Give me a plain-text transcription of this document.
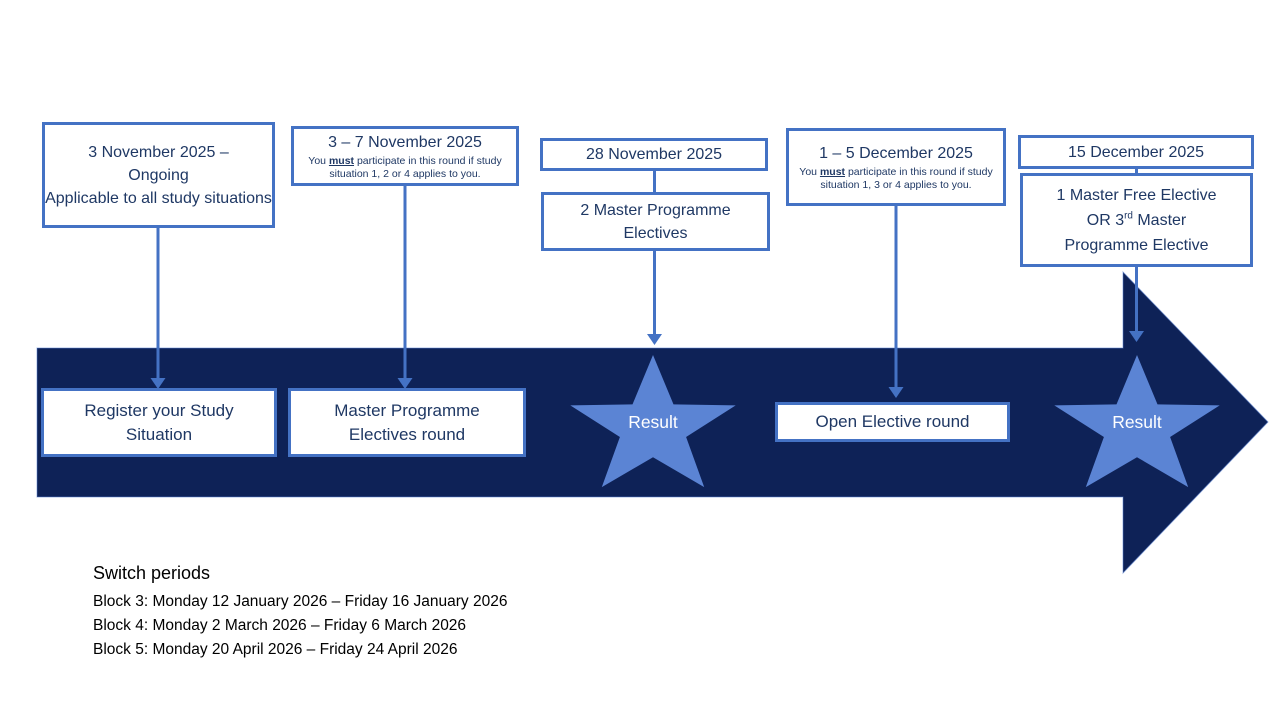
3 November 2025 –
Ongoing
Applicable to all study situations
3 – 7 November 2025
You must participate in this round if study situation 1, 2 or 4 applies to you.
28 November 2025
2 Master Programme Electives
1 – 5 December 2025
You must participate in this round if study situation 1, 3 or 4 applies to you.
15 December 2025
1 Master Free Elective
OR 3rd Master
Programme Elective
Register your Study Situation
Master Programme Electives round
Open Elective round
Result	Result
Switch periods
Block 3: Monday 12 January 2026 – Friday 16 January 2026
Block 4: Monday 2 March 2026 – Friday 6 March 2026
Block 5: Monday 20 April 2026 – Friday 24 April 2026
